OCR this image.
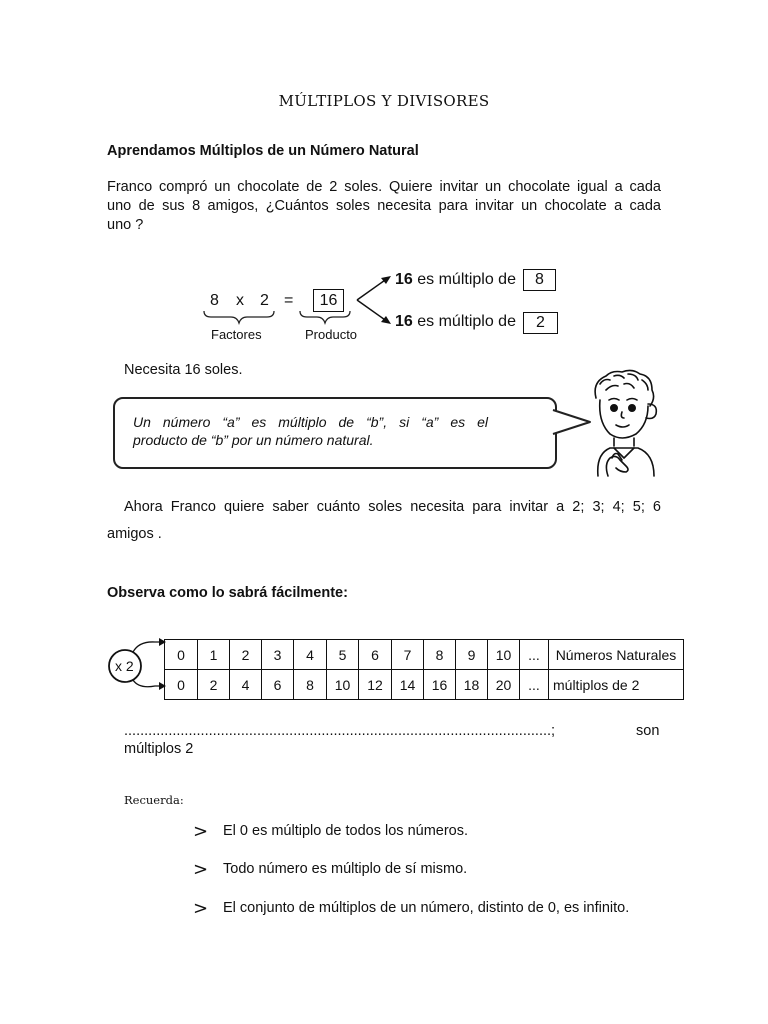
MÚLTIPLOS Y DIVISORES
Aprendamos Múltiplos de un Número Natural
Franco compró un chocolate de 2 soles. Quiere invitar un chocolate igual a cada
uno de sus 8 amigos, ¿Cuántos soles necesita para invitar un chocolate a cada
uno ?
8 x 2 =	16
Factores	Producto
16 es múltiplo de	8
16 es múltiplo de	2
Necesita 16 soles.
Un número “a” es múltiplo de “b”, si “a” es el
producto de “b” por un número natural.
Ahora Franco quiere saber cuánto soles necesita para invitar a 2; 3; 4; 5; 6
amigos .
Observa como lo sabrá fácilmente:
x 2
0	1	2	3	4	5	6	7	8	9	10	...	Números Naturales
0	2	4	6	8	10	12	14	16	18	20	...	múltiplos de 2
..........................................................................................................;	son
múltiplos 2
Recuerda:
> El 0 es múltiplo de todos los números.
> Todo número es múltiplo de sí mismo.
> El conjunto de múltiplos de un número, distinto de 0, es infinito.
